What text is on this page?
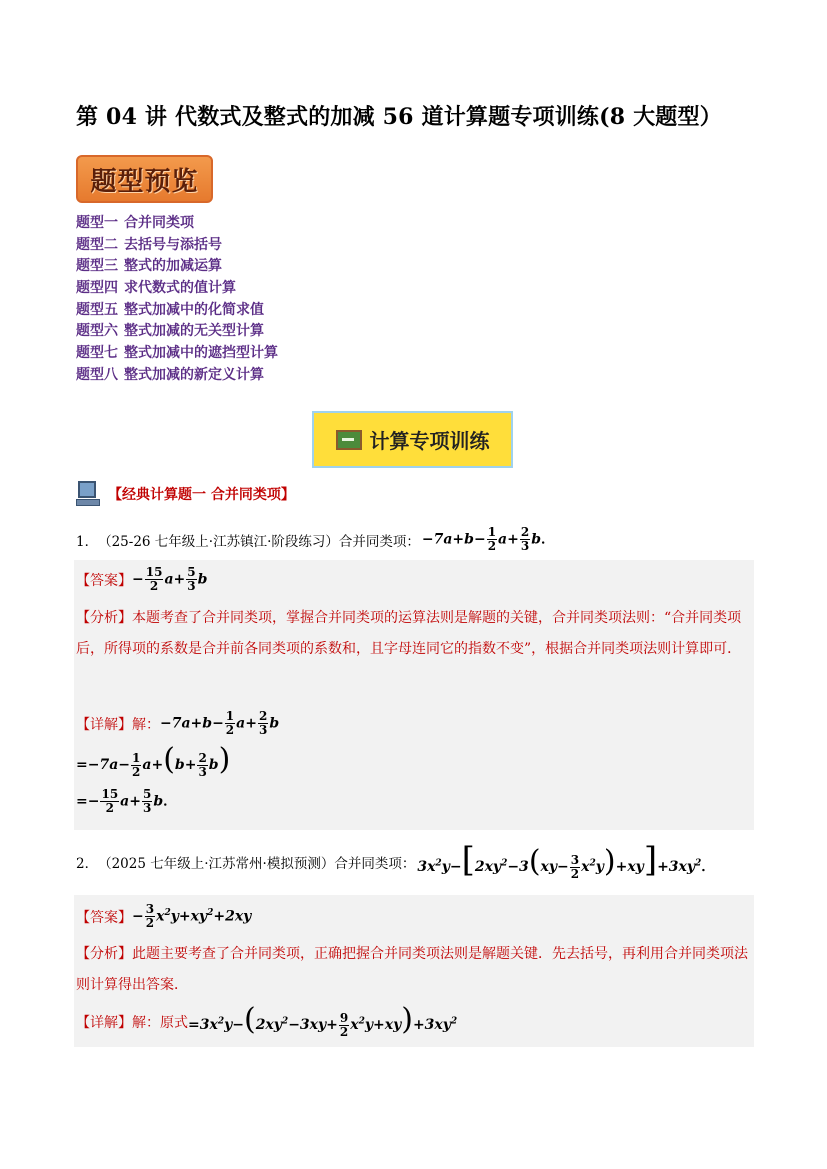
第 04 讲 代数式及整式的加减 56 道计算题专项训练(8 大题型）
题型预览
题型一 合并同类项
题型二 去括号与添括号
题型三 整式的加减运算
题型四 求代数式的值计算
题型五 整式加减中的化简求值
题型六 整式加减的无关型计算
题型七 整式加减中的遮挡型计算
题型八 整式加减的新定义计算
计算专项训练
【经典计算题一 合并同类项】
1． （25-26 七年级上·江苏镇江·阶段练习）合并同类项： $-7a+b- \frac{1}{2} a+ \frac{2}{3}$ b．
【答案】 − $\frac{15}{2} a+ \frac{5}{3}$ b
【分析】本题考查了合并同类项，掌握合并同类项的运算法则是解题的关键，合并同类项法则：“合并同类项后，所得项的系数是合并前各同类项的系数和，且字母连同它的指数不变”，根据合并同类项法则计算即可．
【详解】 解： $-7a+b- \frac{1}{2} a+ \frac{2}{3}$ b
$=-7a- \frac{1}{2} a+(b+ \frac{2}{3} b)$
=− $\frac{15}{2} a+ \frac{5}{3}$ b．
2． （2025 七年级上·江苏常州·模拟预测）合并同类项： $3x^2y-[2xy^2-3(xy- \frac{3}{2} x^2y)+xy]+3xy^2$．
【答案】 − $\frac{3}{2} x^2y+xy^2+2xy$
【分析】此题主要考查了合并同类项，正确把握合并同类项法则是解题关键．先去括号，再利用合并同类项法则计算得出答案．
【详解】 解：原式 $=3x^2y-(2xy^2-3xy+ \frac{9}{2} x^2y+xy)+3xy^2$
